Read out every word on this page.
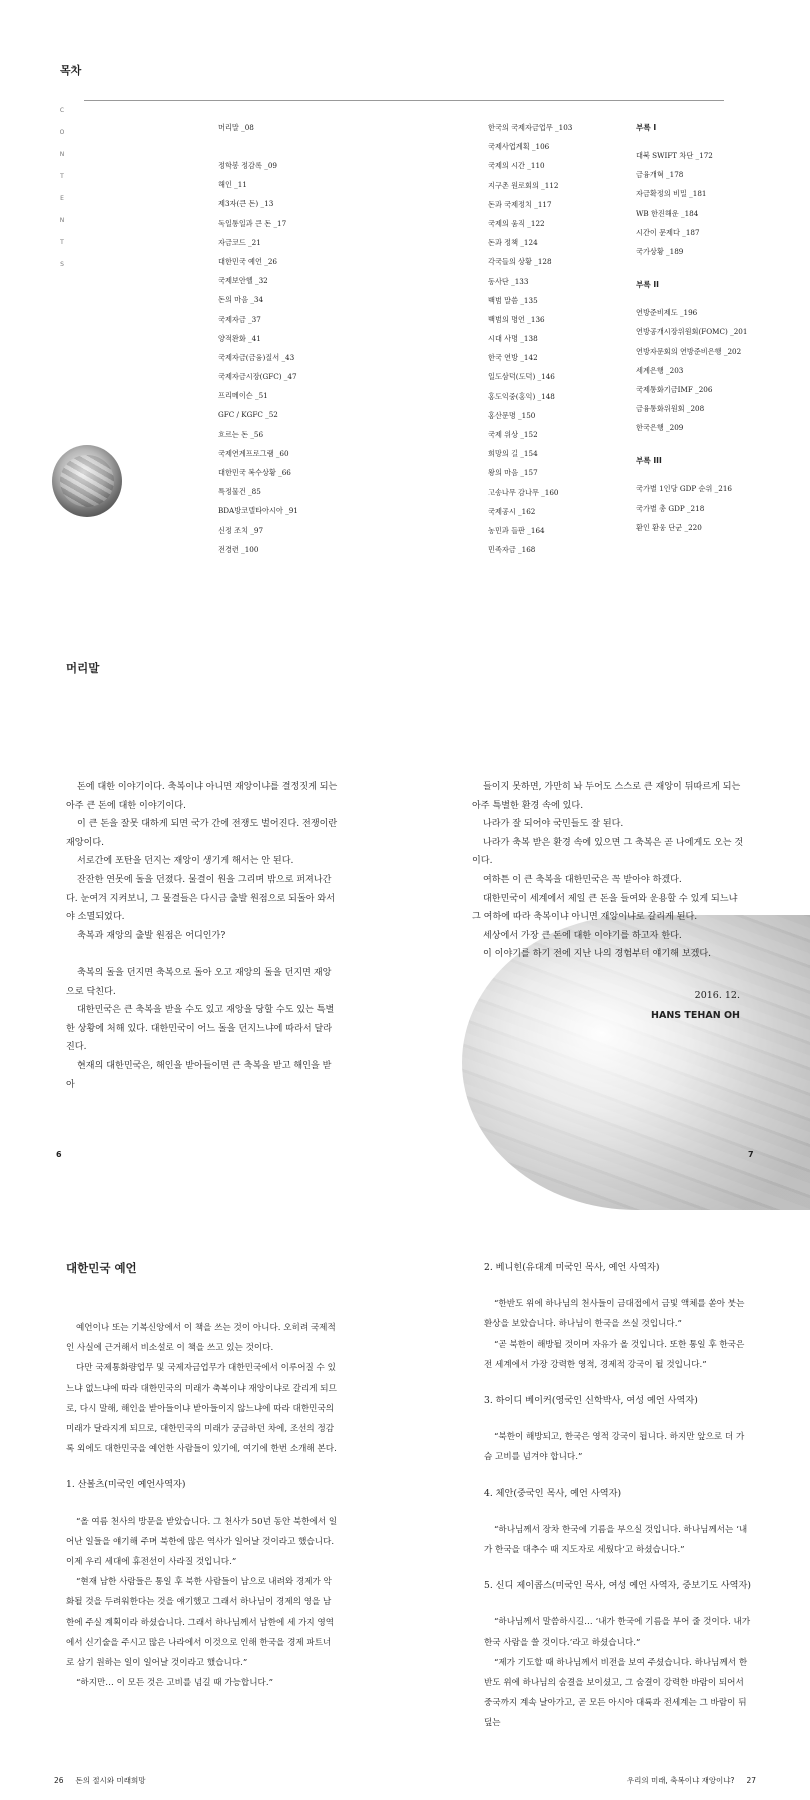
목차
C
O
N
T
E
N
T
S
머리말 _08
정학봉 정감록 _09
해인 _11
제3자(큰 돈) _13
독일통일과 큰 돈 _17
자금코드 _21
대한민국 예언 _26
국제보안헬 _32
돈의 마음 _34
국제자금 _37
양적완화 _41
국제자금(금융)질서 _43
국제자금시장(GFC) _47
프리메이슨 _51
GFC / KGFC _52
흐르는 돈 _56
국제연계프로그램 _60
대한민국 복수상황 _66
특정물건 _85
BDA방코델타아시아 _91
신정 조치 _97
전경련 _100
한국의 국제자금업무 _103
국제사업계획 _106
국제의 시간 _110
지구촌 원로회의 _112
돈과 국제정치 _117
국제의 움직 _122
돈과 정책 _124
각국들의 상황 _128
동사단 _133
백범 말씀 _135
백범의 명언 _136
시대 사명 _138
한국 연방 _142
일도삼덕(도덕) _146
홍도익중(홍익) _148
홍산문명 _150
국제 위상 _152
희망의 길 _154
왕의 마음 _157
고송나무 감나무 _160
국제공시 _162
농민과 들판 _164
민족자금 _168
부록 I
대북 SWIFT 차단 _172
금융개혁 _178
자금확정의 비밀 _181
WB 한진해운 _184
시간이 문제다 _187
국가상황 _189
부록 II
연방준비제도 _196
연방공개시장위원회(FOMC) _201
연방자문회의 연방준비은행 _202
세계은행 _203
국제통화기금IMF _206
금융통화위원회 _208
한국은행 _209
부록 III
국가별 1인당 GDP 순위 _216
국가별 총 GDP _218
환인 환웅 단군 _220
머리말

돈에 대한 이야기이다. 축복이냐 아니면 재앙이냐를 결정짓게 되는 아주 큰 돈에 대한 이야기이다.

이 큰 돈을 잘못 대하게 되면 국가 간에 전쟁도 벌어진다. 전쟁이란 재앙이다.

서로간에 포탄을 던지는 재앙이 생기게 해서는 안 된다.

잔잔한 연못에 돌을 던졌다. 물결이 원을 그리며 밖으로 퍼져나간다. 눈여겨 지켜보니, 그 물결들은 다시금 출발 원점으로 되돌아 와서야 소멸되었다.

축복과 재앙의 출발 원점은 어디인가?

축복의 돌을 던지면 축복으로 돌아 오고 재앙의 돌을 던지면 재앙으로 닥친다.

대한민국은 큰 축복을 받을 수도 있고 재앙을 당할 수도 있는 특별한 상황에 처해 있다. 대한민국이 어느 돌을 던지느냐에 따라서 달라진다.

현재의 대한민국은, 해인을 받아들이면 큰 축복을 받고 해인을 받아

들이지 못하면, 가만히 놔 두어도 스스로 큰 재앙이 뒤따르게 되는 아주 특별한 환경 속에 있다.

나라가 잘 되어야 국민들도 잘 된다.

나라가 축복 받은 환경 속에 있으면 그 축복은 곧 나에게도 오는 것이다.

여하튼 이 큰 축복을 대한민국은 꼭 받아야 하겠다.

대한민국이 세계에서 제일 큰 돈을 들여와 운용할 수 있게 되느냐 그 여하에 따라 축복이냐 아니면 재앙이냐로 갈리게 된다.

세상에서 가장 큰 돈에 대한 이야기를 하고자 한다.

이 이야기를 하기 전에 지난 나의 경험부터 얘기해 보겠다.

2016. 12.
HANS TEHAN OH
6	7
대한민국 예언

예언이나 또는 기복신앙에서 이 책을 쓰는 것이 아니다. 오히려 국제적인 사실에 근거해서 비소설로 이 책을 쓰고 있는 것이다.

다만 국제통화량업무 및 국제자금업무가 대한민국에서 이루어질 수 있느냐 없느냐에 따라 대한민국의 미래가 축복이냐 재앙이냐로 갈리게 되므로, 다시 말해, 해인을 받아들이냐 받아들이지 않느냐에 따라 대한민국의 미래가 달라지게 되므로, 대한민국의 미래가 궁금하던 차에, 조선의 정감록 외에도 대한민국을 예언한 사람들이 있기에, 여기에 한번 소개해 본다.

1. 산볼츠(미국인 예언사역자)

“올 여름 천사의 방문을 받았습니다. 그 천사가 50년 동안 북한에서 일어난 일들을 얘기해 주며 북한에 많은 역사가 일어날 것이라고 했습니다. 이제 우리 세대에 휴전선이 사라질 것입니다.”

“현재 남한 사람들은 통일 후 북한 사람들이 남으로 내려와 경제가 악화될 것을 두려워한다는 것을 얘기했고 그래서 하나님이 경제의 영을 남한에 주실 계획이라 하셨습니다. 그래서 하나님께서 남한에 세 가지 영역에서 신기술을 주시고 많은 나라에서 이것으로 인해 한국을 경제 파트너로 삼기 원하는 일이 일어날 것이라고 했습니다.”

“하지만… 이 모든 것은 고비를 넘길 때 가능합니다.”

2. 베니힌(유대계 미국인 목사, 예언 사역자)

“한반도 위에 하나님의 천사들이 금대접에서 금빛 액체를 쏟아 붓는 환상을 보았습니다. 하나님이 한국을 쓰실 것입니다.”

“곧 북한이 해방될 것이며 자유가 올 것입니다. 또한 통일 후 한국은 전 세계에서 가장 강력한 영적, 경제적 강국이 될 것입니다.”

3. 하이디 베이커(영국인 신학박사, 여성 예언 사역자)

“북한이 해방되고, 한국은 영적 강국이 됩니다. 하지만 앞으로 더 가슴 고비를 넘겨야 합니다.”

4. 체안(중국인 목사, 예언 사역자)

“하나님께서 장차 한국에 기름을 부으실 것입니다. 하나님께서는 ‘내가 한국을 대추수 때 지도자로 세웠다’고 하셨습니다.”

5. 신디 제이콥스(미국인 목사, 여성 예언 사역자, 중보기도 사역자)

“하나님께서 말씀하시길… ‘내가 한국에 기름을 부어 줄 것이다. 내가 한국 사람을 쓸 것이다.’라고 하셨습니다.”

“제가 기도할 때 하나님께서 비전을 보여 주셨습니다. 하나님께서 한반도 위에 하나님의 숨결을 보이셨고, 그 숨결이 강력한 바람이 되어서 중국까지 계속 날아가고, 곧 모든 아시아 대륙과 전세계는 그 바람이 뒤덮는

26 돈의 절시와 미래희망	우리의 미래, 축복이냐 재앙이냐? 27
